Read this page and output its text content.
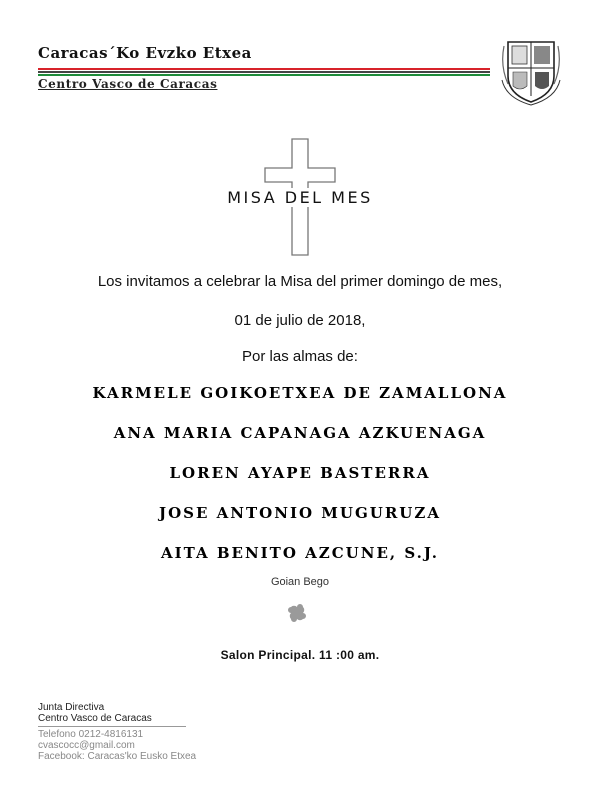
Caracas´Ko Evzko Etxea
Centro Vasco de Caracas
MISA DEL MES
Los invitamos a celebrar la Misa del primer domingo de mes,
01 de julio de 2018,
Por las almas de:
KARMELE GOIKOETXEA DE ZAMALLONA
ANA MARIA CAPANAGA AZKUENAGA
LOREN AYAPE BASTERRA
JOSE ANTONIO MUGURUZA
AITA BENITO AZCUNE, S.J.
Goian Bego
Salon Principal. 11 :00 am.
Junta Directiva
Centro Vasco de Caracas
Telefono 0212-4816131
cvascocc@gmail.com
Facebook: Caracas'ko Eusko Etxea
